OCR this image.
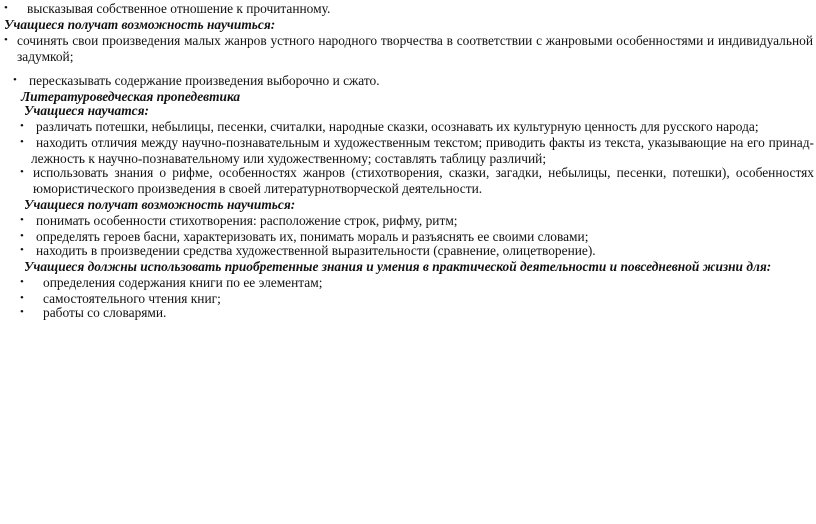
• высказывая собственное отношение к прочитанному.
Учащиеся получат возможность научиться:
• сочинять свои произведения малых жанров устного народного творчества в соответствии с жанровыми особенностями и индивидуальной
задумкой;
• пересказывать содержание произведения выборочно и сжато.
Литературоведческая пропедевтика
Учащиеся научатся:
• различать потешки, небылицы, песенки, считалки, народные сказки, осознавать их культурную ценность для русского народа;
• находить отличия между научно-познавательным и художественным текстом; приводить факты из текста, указывающие на его принад-
лежность к научно-познавательному или художественному; составлять таблицу различий;
• использовать знания о рифме, особенностях жанров (стихотворения, сказки, загадки, небылицы, песенки, потешки), особенностях
юмористического произведения в своей литературнотворческой деятельности.
Учащиеся получат возможность научиться:
• понимать особенности стихотворения: расположение строк, рифму, ритм;
• определять героев басни, характеризовать их, понимать мораль и разъяснять ее своими словами;
• находить в произведении средства художественной выразительности (сравнение, олицетворение).
Учащиеся должны использовать приобретенные знания и умения в практической деятельности и повседневной жизни для:
• определения содержания книги по ее элементам;
• самостоятельного чтения книг;
• работы со словарями.
